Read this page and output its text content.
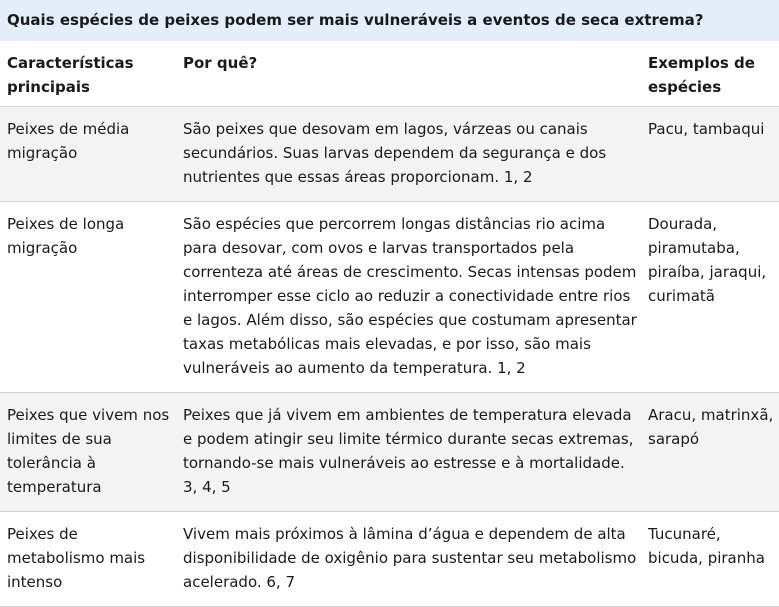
Quais espécies de peixes podem ser mais vulneráveis a eventos de seca extrema?
Características principais	Por quê?	Exemplos de espécies
Peixes de média migração	São peixes que desovam em lagos, várzeas ou canais secundários. Suas larvas dependem da segurança e dos nutrientes que essas áreas proporcionam. 1, 2	Pacu, tambaqui
Peixes de longa migração	São espécies que percorrem longas distâncias rio acima para desovar, com ovos e larvas transportados pela correnteza até áreas de crescimento. Secas intensas podem interromper esse ciclo ao reduzir a conectividade entre rios e lagos. Além disso, são espécies que costumam apresentar taxas metabólicas mais elevadas, e por isso, são mais vulneráveis ao aumento da temperatura. 1, 2	Dourada, piramutaba, piraíba, jaraqui, curimatã
Peixes que vivem nos limites de sua tolerância à temperatura	Peixes que já vivem em ambientes de temperatura elevada e podem atingir seu limite térmico durante secas extremas, tornando-se mais vulneráveis ao estresse e à mortalidade. 3, 4, 5	Aracu, matrinxã, sarapó
Peixes de metabolismo mais intenso	Vivem mais próximos à lâmina d’água e dependem de alta disponibilidade de oxigênio para sustentar seu metabolismo acelerado. 6, 7	Tucunaré, bicuda, piranha
